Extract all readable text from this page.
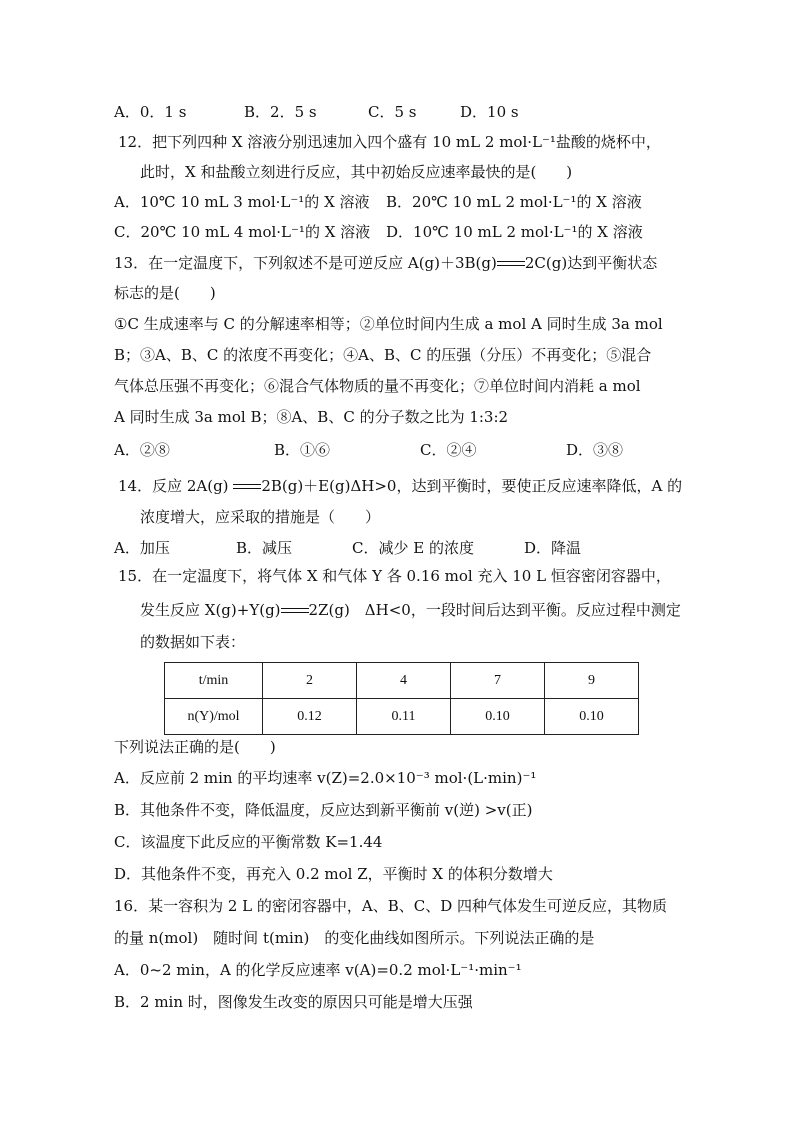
A．0．1 s	B．2．5 s	C．5 s	D．10 s
12．把下列四种 X 溶液分别迅速加入四个盛有 10 mL 2 mol·L⁻¹盐酸的烧杯中，
此时，X 和盐酸立刻进行反应，其中初始反应速率最快的是(　　)
A．10℃ 10 mL 3 mol·L⁻¹的 X 溶液 B．20℃ 10 mL 2 mol·L⁻¹的 X 溶液
C．20℃ 10 mL 4 mol·L⁻¹的 X 溶液 D．10℃ 10 mL 2 mol·L⁻¹的 X 溶液
13．在一定温度下，下列叙述不是可逆反应 A(g)＋3B(g) 2C(g)达到平衡状态
标志的是(　　)
①C 生成速率与 C 的分解速率相等；②单位时间内生成 a mol A 同时生成 3a mol
B；③A、B、C 的浓度不再变化；④A、B、C 的压强（分压）不再变化；⑤混合
气体总压强不再变化；⑥混合气体物质的量不再变化；⑦单位时间内消耗 a mol
A 同时生成 3a mol B；⑧A、B、C 的分子数之比为 1:3:2
A．②⑧	B．①⑥	C．②④	D．③⑧
14．反应 2A(g) 2B(g)＋E(g)ΔH>0，达到平衡时，要使正反应速率降低，A 的
浓度增大，应采取的措施是（　　）
A．加压	B．减压	C．减少 E 的浓度	D．降温
15．在一定温度下，将气体 X 和气体 Y 各 0.16 mol 充入 10 L 恒容密闭容器中，
发生反应 X(g)+Y(g) 2Z(g)　ΔH<0，一段时间后达到平衡。反应过程中测定
的数据如下表：
t/min	2	4	7	9
n(Y)/mol	0.12	0.11	0.10	0.10
下列说法正确的是(　　)
A．反应前 2 min 的平均速率 v(Z)=2.0×10⁻³ mol·(L·min)⁻¹
B．其他条件不变，降低温度，反应达到新平衡前 v(逆) >v(正)
C．该温度下此反应的平衡常数 K=1.44
D．其他条件不变，再充入 0.2 mol Z，平衡时 X 的体积分数增大
16．某一容积为 2 L 的密闭容器中，A、B、C、D 四种气体发生可逆反应，其物质
的量 n(mol)　随时间 t(min)　的变化曲线如图所示。下列说法正确的是
A．0~2 min，A 的化学反应速率 v(A)=0.2 mol·L⁻¹·min⁻¹
B．2 min 时，图像发生改变的原因只可能是增大压强
